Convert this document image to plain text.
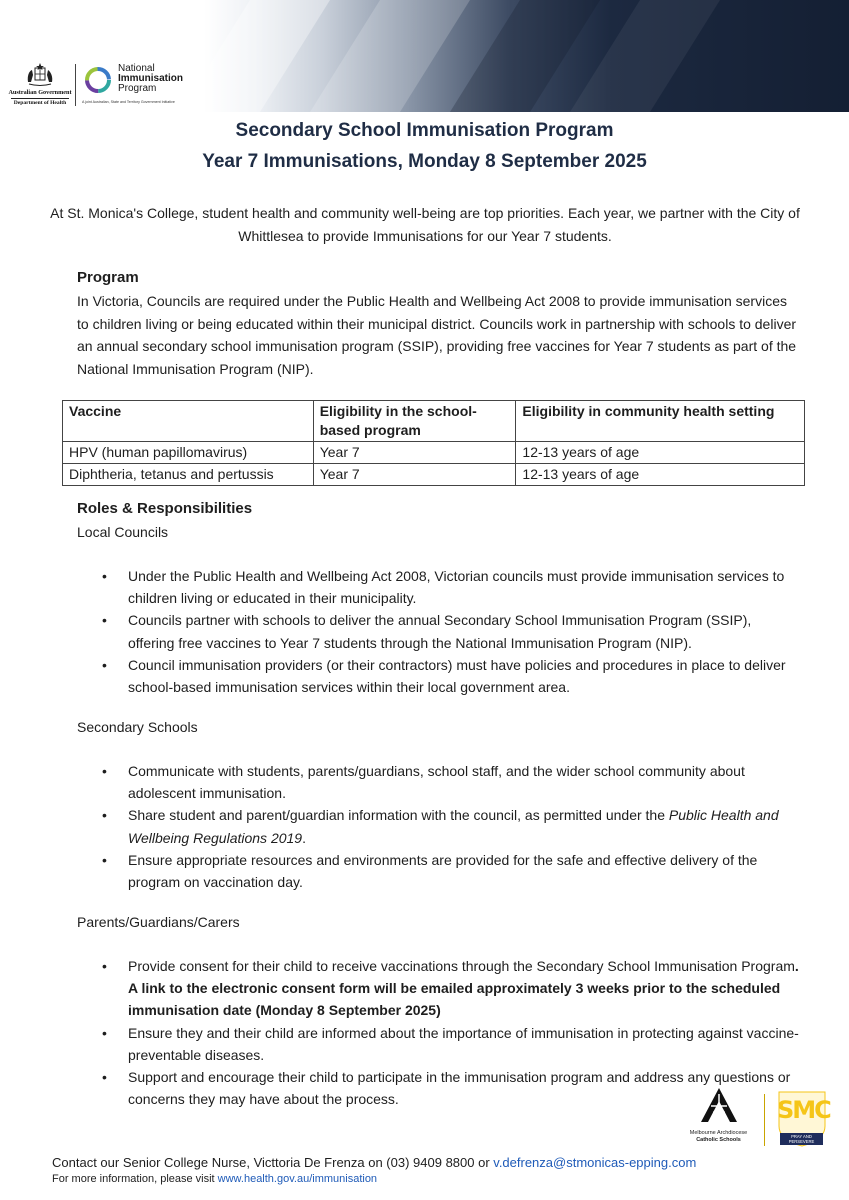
Australian Government
Department of Health
National
Immunisation
Program
A joint Australian, State and Territory Government Initiative
Secondary School Immunisation Program
Year 7 Immunisations, Monday 8 September 2025
At St. Monica's College, student health and community well-being are top priorities. Each year, we partner with the City of Whittlesea to provide Immunisations for our Year 7 students.
Program
In Victoria, Councils are required under the Public Health and Wellbeing Act 2008 to provide immunisation services to children living or being educated within their municipal district. Councils work in partnership with schools to deliver an annual secondary school immunisation program (SSIP), providing free vaccines for Year 7 students as part of the National Immunisation Program (NIP).
Vaccine	Eligibility in the school-based program	Eligibility in community health setting
HPV (human papillomavirus)	Year 7	12-13 years of age
Diphtheria, tetanus and pertussis	Year 7	12-13 years of age
Roles & Responsibilities
Local Councils
• Under the Public Health and Wellbeing Act 2008, Victorian councils must provide immunisation services to children living or educated in their municipality.
• Councils partner with schools to deliver the annual Secondary School Immunisation Program (SSIP), offering free vaccines to Year 7 students through the National Immunisation Program (NIP).
• Council immunisation providers (or their contractors) must have policies and procedures in place to deliver school-based immunisation services within their local government area.
Secondary Schools
• Communicate with students, parents/guardians, school staff, and the wider school community about adolescent immunisation.
• Share student and parent/guardian information with the council, as permitted under the Public Health and Wellbeing Regulations 2019.
• Ensure appropriate resources and environments are provided for the safe and effective delivery of the program on vaccination day.
Parents/Guardians/Carers
• Provide consent for their child to receive vaccinations through the Secondary School Immunisation Program. A link to the electronic consent form will be emailed approximately 3 weeks prior to the scheduled immunisation date (Monday 8 September 2025)
• Ensure they and their child are informed about the importance of immunisation in protecting against vaccine-preventable diseases.
• Support and encourage their child to participate in the immunisation program and address any questions or concerns they may have about the process.
Melbourne Archdiocese
Catholic Schools
SMC
PRAY AND PERSEVERE
Contact our Senior College Nurse, Victtoria De Frenza on (03) 9409 8800 or v.defrenza@stmonicas-epping.com
For more information, please visit www.health.gov.au/immunisation
